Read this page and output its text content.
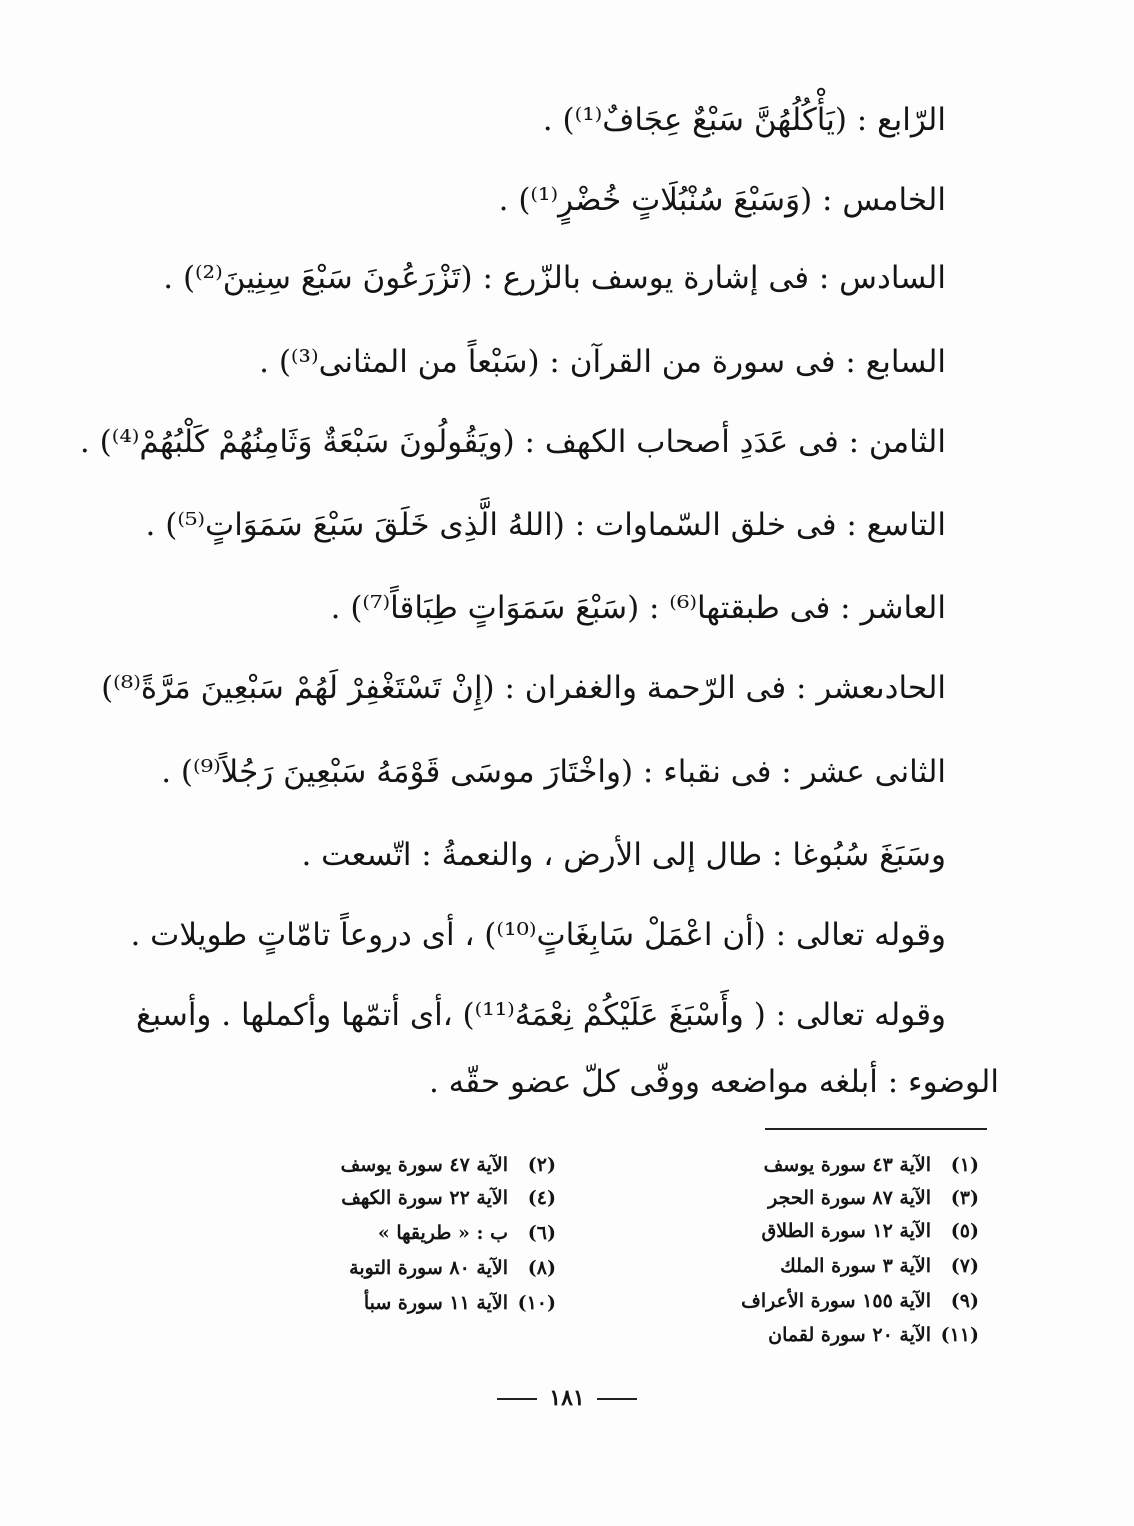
الرّابع : (يَأْكُلُهُنَّ سَبْعٌ عِجَافٌ⁽¹⁾) .
الخامس : (وَسَبْعَ سُنْبُلَاتٍ خُضْرٍ⁽¹⁾) .
السادس : فى إشارة يوسف بالزّرع : (تَزْرَعُونَ سَبْعَ سِنِينَ⁽²⁾) .
السابع : فى سورة من القرآن : (سَبْعاً من المثانى⁽³⁾) .
الثامن : فى عَدَدِ أصحاب الكهف : (ويَقُولُونَ سَبْعَةٌ وَثَامِنُهُمْ كَلْبُهُمْ⁽⁴⁾) .
التاسع : فى خلق السّماوات : (اللهُ الَّذِى خَلَقَ سَبْعَ سَمَوَاتٍ⁽⁵⁾) .
العاشر : فى طبقتها⁽⁶⁾ : (سَبْعَ سَمَوَاتٍ طِبَاقاً⁽⁷⁾) .
الحادىعشر : فى الرّحمة والغفران : (إِنْ تَسْتَغْفِرْ لَهُمْ سَبْعِينَ مَرَّةً⁽⁸⁾)
الثانى عشر : فى نقباء : (واخْتَارَ موسَى قَوْمَهُ سَبْعِينَ رَجُلاً⁽⁹⁾) .
وسَبَغَ سُبُوغا : طال إلى الأرض ، والنعمةُ : اتّسعت .
وقوله تعالى : (أن اعْمَلْ سَابِغَاتٍ⁽¹⁰⁾) ، أى دروعاً تامّاتٍ طويلات .
وقوله تعالى : ( وأَسْبَغَ عَلَيْكُمْ نِعْمَهُ⁽¹¹⁾) ،أى أتمّها وأكملها . وأسبغ
الوضوء : أبلغه مواضعه ووفّى كلّ عضو حقّه .
(١)الآية ٤٣ سورة يوسف
(٣)الآية ٨٧ سورة الحجر
(٥)الآية ١٢ سورة الطلاق
(٧)الآية ٣ سورة الملك
(٩)الآية ١٥٥ سورة الأعراف
(١١)الآية ٢٠ سورة لقمان
(٢)الآية ٤٧ سورة يوسف
(٤)الآية ٢٢ سورة الكهف
(٦)ب : « طريقها »
(٨)الآية ٨٠ سورة التوبة
(١٠)الآية ١١ سورة سبأ
١٨١
